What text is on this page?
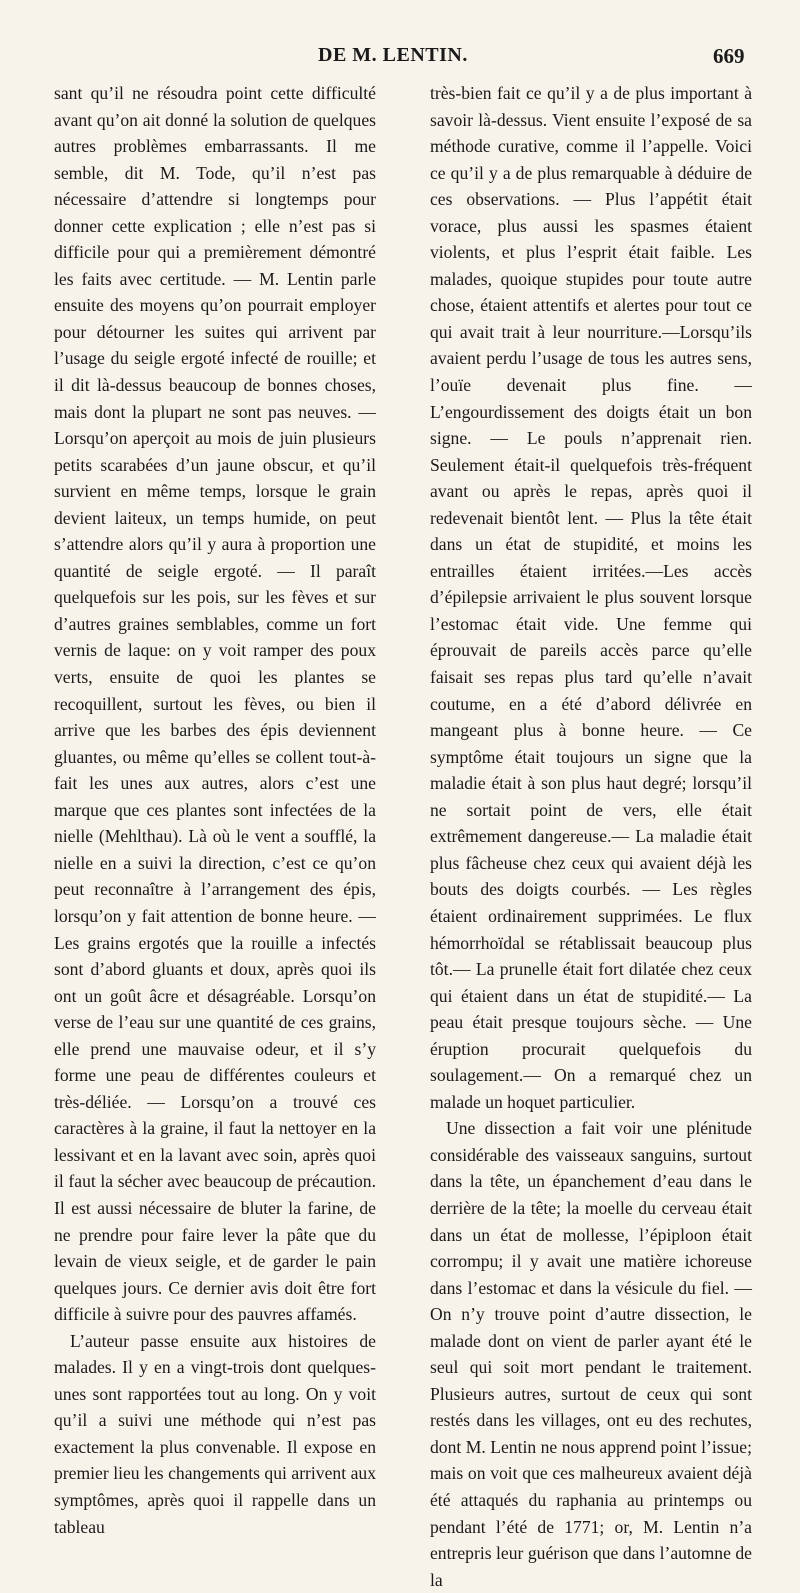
DE M. LENTIN.	669

sant qu’il ne résoudra point cette difficulté avant qu’on ait donné la solution de quelques autres problèmes embarrassants. Il me semble, dit M. Tode, qu’il n’est pas nécessaire d’attendre si longtemps pour donner cette explication ; elle n’est pas si difficile pour qui a premièrement démontré les faits avec certitude. — M. Lentin parle ensuite des moyens qu’on pourrait employer pour détourner les suites qui arrivent par l’usage du seigle ergoté infecté de rouille; et il dit là-dessus beaucoup de bonnes choses, mais dont la plupart ne sont pas neuves. — Lorsqu’on aperçoit au mois de juin plusieurs petits scarabées d’un jaune obscur, et qu’il survient en même temps, lorsque le grain devient laiteux, un temps humide, on peut s’attendre alors qu’il y aura à proportion une quantité de seigle ergoté. — Il paraît quelquefois sur les pois, sur les fèves et sur d’autres graines semblables, comme un fort vernis de laque: on y voit ramper des poux verts, ensuite de quoi les plantes se recoquillent, surtout les fèves, ou bien il arrive que les barbes des épis deviennent gluantes, ou même qu’elles se collent tout-à-fait les unes aux autres, alors c’est une marque que ces plantes sont infectées de la nielle (Mehlthau). Là où le vent a soufflé, la nielle en a suivi la direction, c’est ce qu’on peut reconnaître à l’arrangement des épis, lorsqu’on y fait attention de bonne heure. — Les grains ergotés que la rouille a infectés sont d’abord gluants et doux, après quoi ils ont un goût âcre et désagréable. Lorsqu’on verse de l’eau sur une quantité de ces grains, elle prend une mauvaise odeur, et il s’y forme une peau de différentes couleurs et très-déliée. — Lorsqu’on a trouvé ces caractères à la graine, il faut la nettoyer en la lessivant et en la lavant avec soin, après quoi il faut la sécher avec beaucoup de précaution. Il est aussi nécessaire de bluter la farine, de ne prendre pour faire lever la pâte que du levain de vieux seigle, et de garder le pain quelques jours. Ce dernier avis doit être fort difficile à suivre pour des pauvres affamés.

L’auteur passe ensuite aux histoires de malades. Il y en a vingt-trois dont quelques-unes sont rapportées tout au long. On y voit qu’il a suivi une méthode qui n’est pas exactement la plus convenable. Il expose en premier lieu les changements qui arrivent aux symptômes, après quoi il rappelle dans un tableau

très-bien fait ce qu’il y a de plus important à savoir là-dessus. Vient ensuite l’exposé de sa méthode curative, comme il l’appelle. Voici ce qu’il y a de plus remarquable à déduire de ces observations. — Plus l’appétit était vorace, plus aussi les spasmes étaient violents, et plus l’esprit était faible. Les malades, quoique stupides pour toute autre chose, étaient attentifs et alertes pour tout ce qui avait trait à leur nourriture.—Lorsqu’ils avaient perdu l’usage de tous les autres sens, l’ouïe devenait plus fine. — L’engourdissement des doigts était un bon signe. — Le pouls n’apprenait rien. Seulement était-il quelquefois très-fréquent avant ou après le repas, après quoi il redevenait bientôt lent. — Plus la tête était dans un état de stupidité, et moins les entrailles étaient irritées.—Les accès d’épilepsie arrivaient le plus souvent lorsque l’estomac était vide. Une femme qui éprouvait de pareils accès parce qu’elle faisait ses repas plus tard qu’elle n’avait coutume, en a été d’abord délivrée en mangeant plus à bonne heure. — Ce symptôme était toujours un signe que la maladie était à son plus haut degré; lorsqu’il ne sortait point de vers, elle était extrêmement dangereuse.— La maladie était plus fâcheuse chez ceux qui avaient déjà les bouts des doigts courbés. — Les règles étaient ordinairement supprimées. Le flux hémorrhoïdal se rétablissait beaucoup plus tôt.— La prunelle était fort dilatée chez ceux qui étaient dans un état de stupidité.— La peau était presque toujours sèche. — Une éruption procurait quelquefois du soulagement.— On a remarqué chez un malade un hoquet particulier.

Une dissection a fait voir une plénitude considérable des vaisseaux sanguins, surtout dans la tête, un épanchement d’eau dans le derrière de la tête; la moelle du cerveau était dans un état de mollesse, l’épiploon était corrompu; il y avait une matière ichoreuse dans l’estomac et dans la vésicule du fiel. — On n’y trouve point d’autre dissection, le malade dont on vient de parler ayant été le seul qui soit mort pendant le traitement. Plusieurs autres, surtout de ceux qui sont restés dans les villages, ont eu des rechutes, dont M. Lentin ne nous apprend point l’issue; mais on voit que ces malheureux avaient déjà été attaqués du raphania au printemps ou pendant l’été de 1771; or, M. Lentin n’a entrepris leur guérison que dans l’automne de la
